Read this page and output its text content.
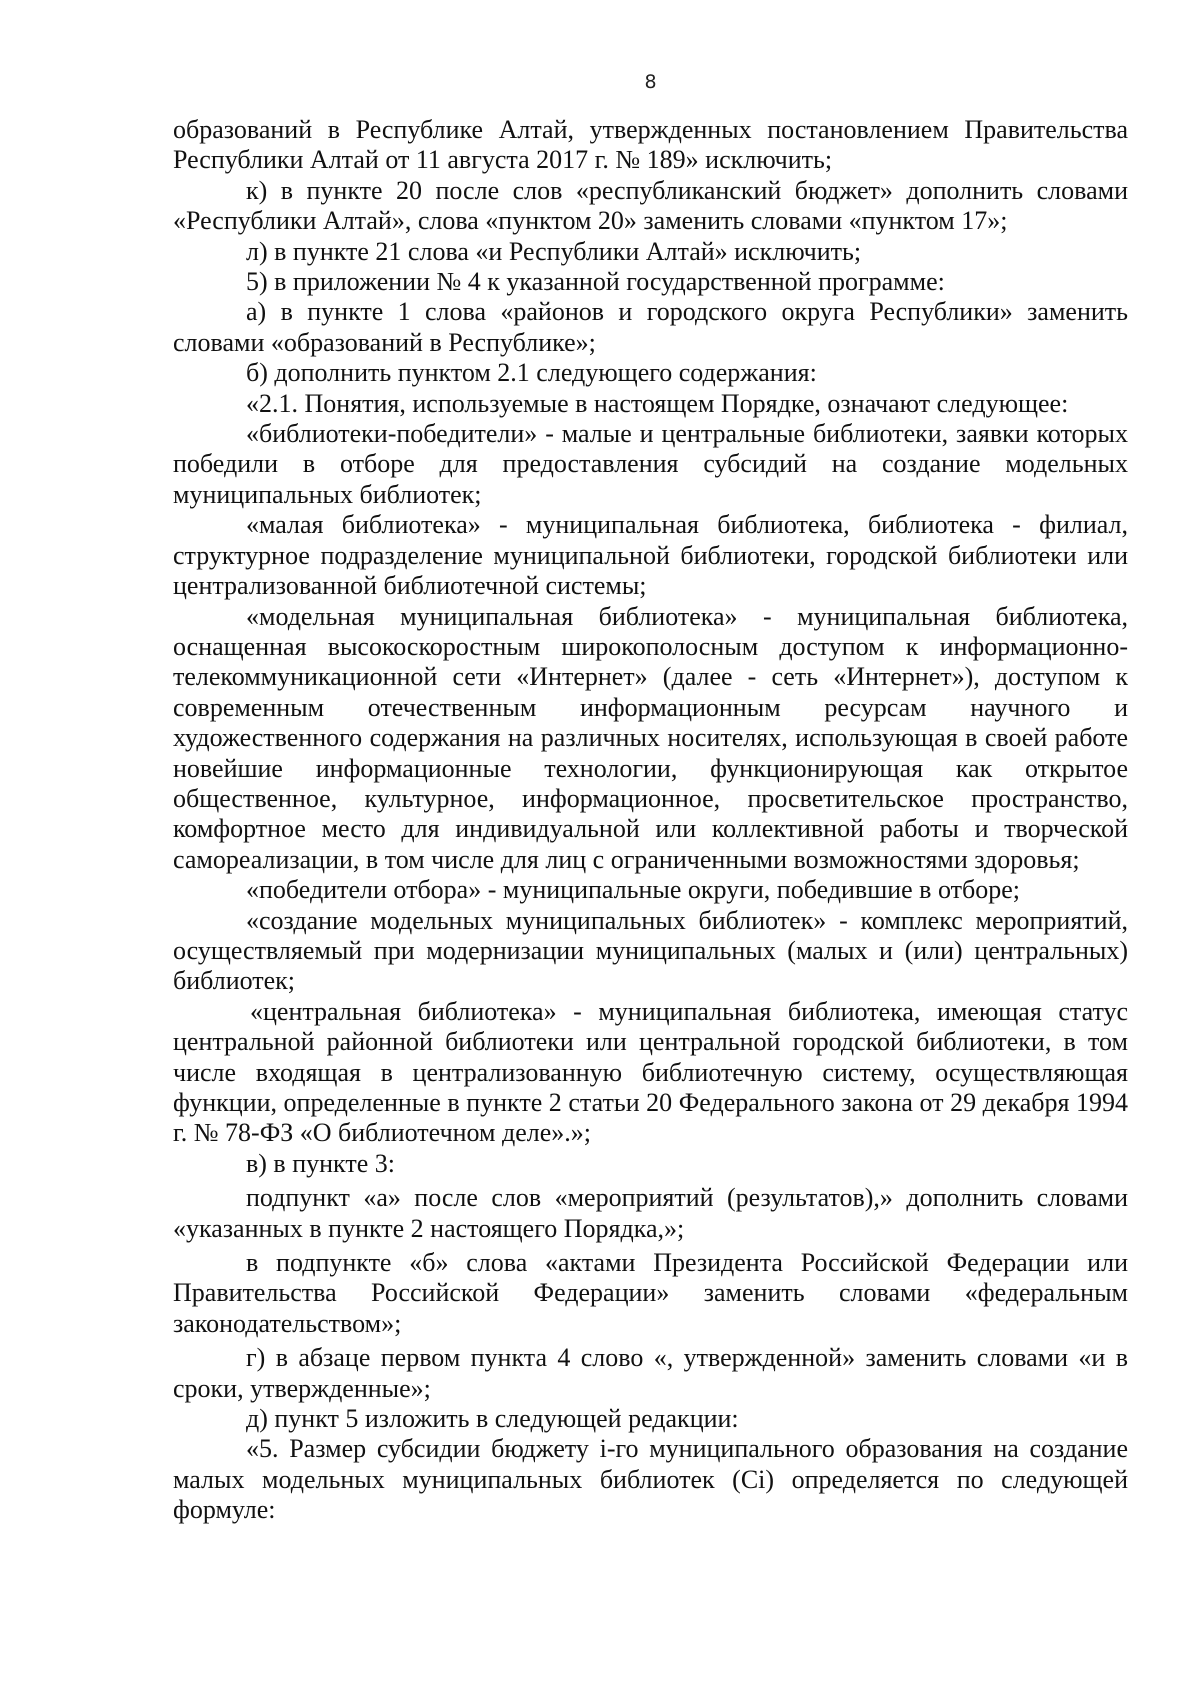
8

образований в Республике Алтай, утвержденных постановлением Правительства Республики Алтай от 11 августа 2017 г. № 189» исключить;

к) в пункте 20 после слов «республиканский бюджет» дополнить словами «Республики Алтай», слова «пунктом 20» заменить словами «пунктом 17»;

л) в пункте 21 слова «и Республики Алтай» исключить;

5) в приложении № 4 к указанной государственной программе:

а) в пункте 1 слова «районов и городского округа Республики» заменить словами «образований в Республике»;

б) дополнить пунктом 2.1 следующего содержания:

«2.1. Понятия, используемые в настоящем Порядке, означают следующее:

«библиотеки-победители» - малые и центральные библиотеки, заявки которых победили в отборе для предоставления субсидий на создание модельных муниципальных библиотек;

«малая библиотека» - муниципальная библиотека, библиотека - филиал, структурное подразделение муниципальной библиотеки, городской библиотеки или централизованной библиотечной системы;

«модельная муниципальная библиотека» - муниципальная библиотека, оснащенная высокоскоростным широкополосным доступом к информационно-телекоммуникационной сети «Интернет» (далее - сеть «Интернет»), доступом к современным отечественным информационным ресурсам научного и художественного содержания на различных носителях, использующая в своей работе новейшие информационные технологии, функционирующая как открытое общественное, культурное, информационное, просветительское пространство, комфортное место для индивидуальной или коллективной работы и творческой самореализации, в том числе для лиц с ограниченными возможностями здоровья;

«победители отбора» - муниципальные округи, победившие в отборе;

«создание модельных муниципальных библиотек» - комплекс мероприятий, осуществляемый при модернизации муниципальных (малых и (или) центральных) библиотек;

«центральная библиотека» - муниципальная библиотека, имеющая статус центральной районной библиотеки или центральной городской библиотеки, в том числе входящая в централизованную библиотечную систему, осуществляющая функции, определенные в пункте 2 статьи 20 Федерального закона от 29 декабря 1994 г. № 78-ФЗ «О библиотечном деле».»;

в) в пункте 3:

подпункт «а» после слов «мероприятий (результатов),» дополнить словами «указанных в пункте 2 настоящего Порядка,»;

в подпункте «б» слова «актами Президента Российской Федерации или Правительства Российской Федерации» заменить словами «федеральным законодательством»;

г) в абзаце первом пункта 4 слово «, утвержденной» заменить словами «и в сроки, утвержденные»;

д) пункт 5 изложить в следующей редакции:

«5. Размер субсидии бюджету i-го муниципального образования на создание малых модельных муниципальных библиотек (Ci) определяется по следующей формуле:
